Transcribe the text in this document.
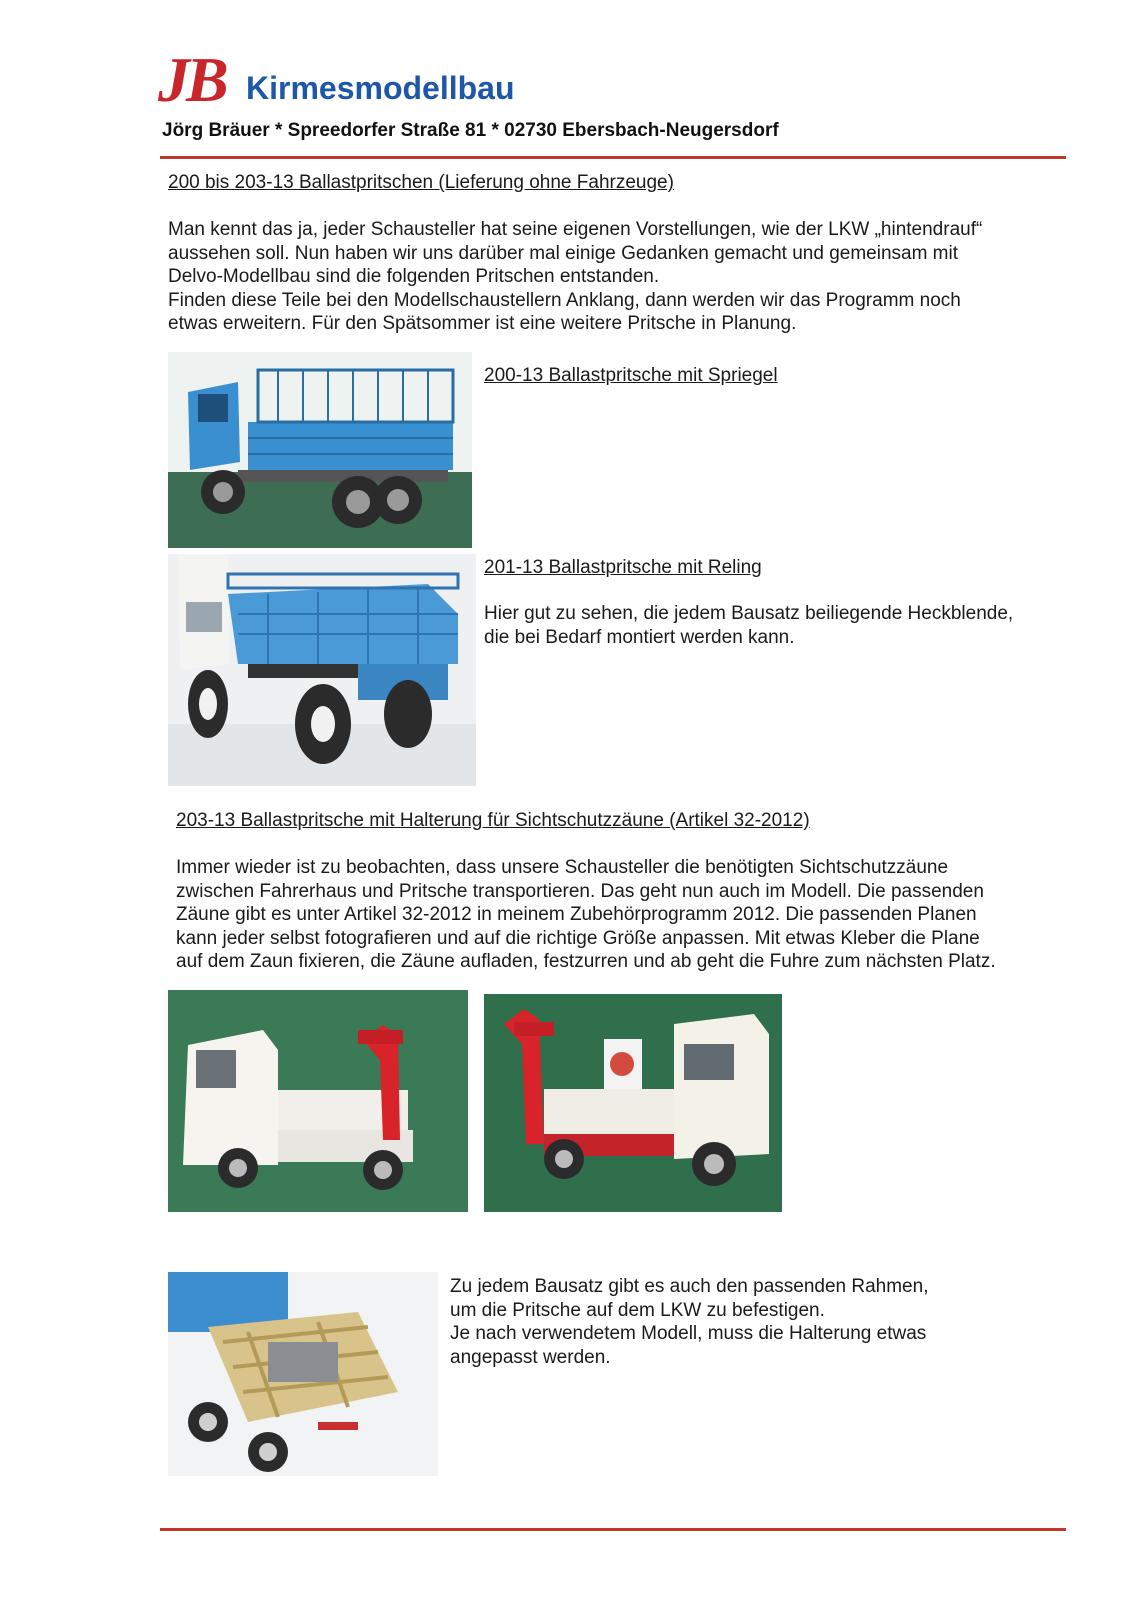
JB Kirmesmodellbau
Jörg Bräuer * Spreedorfer Straße 81 * 02730 Ebersbach-Neugersdorf
200 bis 203-13 Ballastpritschen (Lieferung ohne Fahrzeuge)
Man kennt das ja, jeder Schausteller hat seine eigenen Vorstellungen, wie der LKW „hintendrauf“
aussehen soll. Nun haben wir uns darüber mal einige Gedanken gemacht und gemeinsam mit
Delvo-Modellbau sind die folgenden Pritschen entstanden.
Finden diese Teile bei den Modellschaustellern Anklang, dann werden wir das Programm noch
etwas erweitern. Für den Spätsommer ist eine weitere Pritsche in Planung.
200-13 Ballastpritsche mit Spriegel
201-13 Ballastpritsche mit Reling
Hier gut zu sehen, die jedem Bausatz beiliegende Heckblende,
die bei Bedarf montiert werden kann.
203-13 Ballastpritsche mit Halterung für Sichtschutzzäune (Artikel 32-2012)
Immer wieder ist zu beobachten, dass unsere Schausteller die benötigten Sichtschutzzäune
zwischen Fahrerhaus und Pritsche transportieren. Das geht nun auch im Modell. Die passenden
Zäune gibt es unter Artikel 32-2012 in meinem Zubehörprogramm 2012. Die passenden Planen
kann jeder selbst fotografieren und auf die richtige Größe anpassen. Mit etwas Kleber die Plane
auf dem Zaun fixieren, die Zäune aufladen, festzurren und ab geht die Fuhre zum nächsten Platz.
Zu jedem Bausatz gibt es auch den passenden Rahmen,
um die Pritsche auf dem LKW zu befestigen.
Je nach verwendetem Modell, muss die Halterung etwas
angepasst werden.
